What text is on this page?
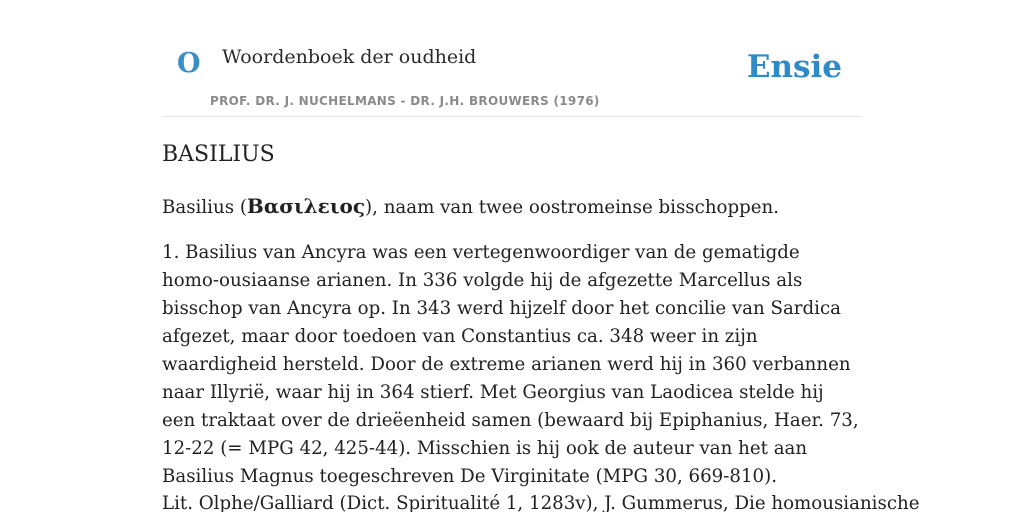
O Woordenboek der oudheid
PROF. DR. J. NUCHELMANS - DR. J.H. BROUWERS (1976)
Ensie
BASILIUS

Basilius (Βασιλειος), naam van twee oostromeinse bisschoppen.

1. Basilius van Ancyra was een vertegenwoordiger van de gematigde homo-ousiaanse arianen. In 336 volgde hij de afgezette Marcellus als bisschop van Ancyra op. In 343 werd hijzelf door het concilie van Sardica afgezet, maar door toedoen van Constantius ca. 348 weer in zijn waardigheid hersteld. Door de extreme arianen werd hij in 360 verbannen naar Illyrië, waar hij in 364 stierf. Met Georgius van Laodicea stelde hij een traktaat over de drieëenheid samen (bewaard bij Epiphanius, Haer. 73, 12-22 (= MPG 42, 425-44). Misschien is hij ook de auteur van het aan Basilius Magnus toegeschreven De Virginitate (MPG 30, 669-810).

Lit. Olphe/Galliard (Dict. Spiritualité 1, 1283v), J. Gummerus, Die homousianische
